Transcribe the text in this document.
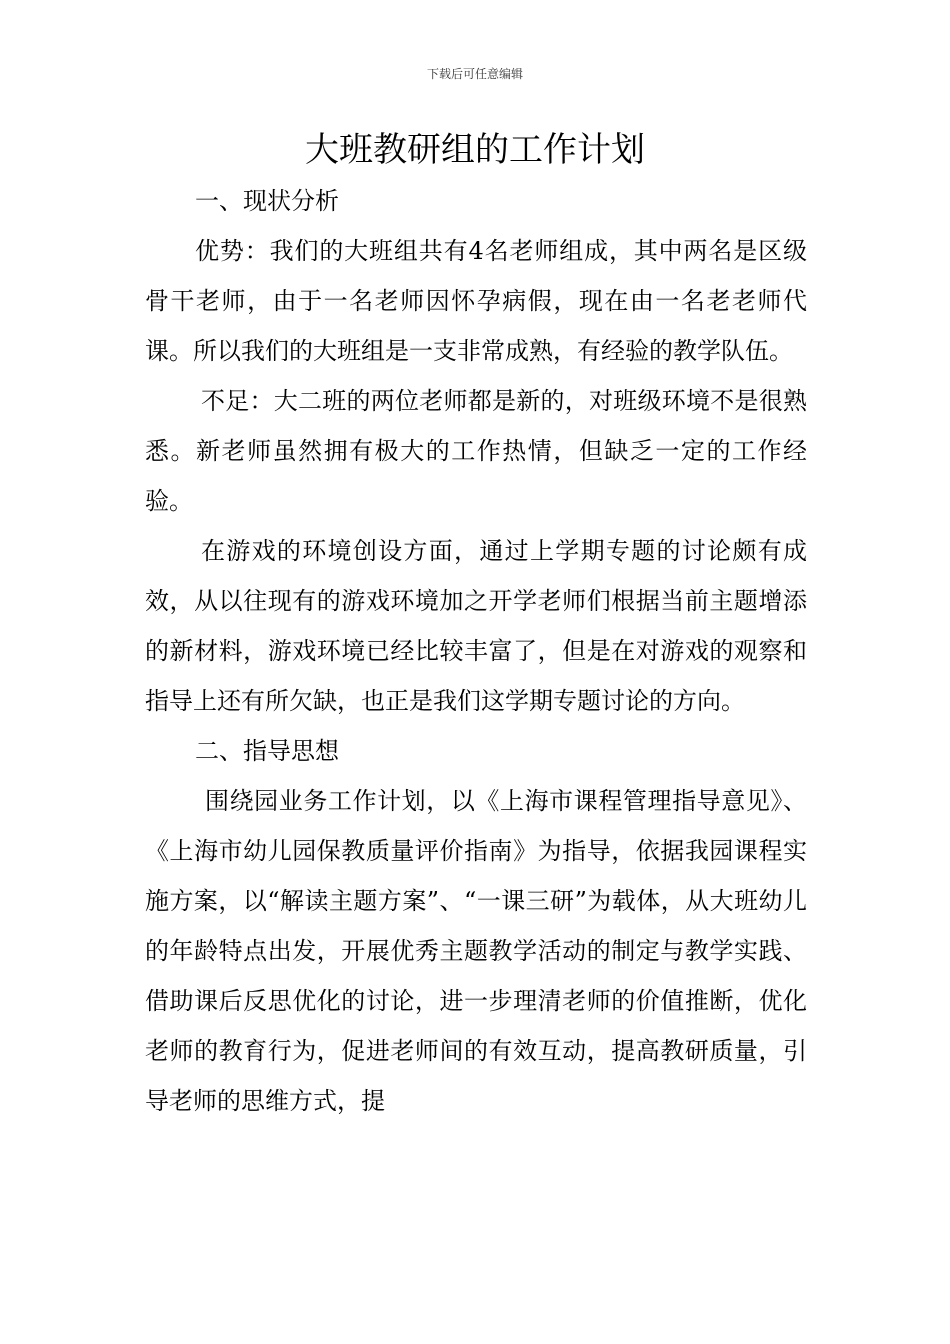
下载后可任意编辑
大班教研组的工作计划

一、现状分析

优势：我们的大班组共有4名老师组成，其中两名是区级骨干老师，由于一名老师因怀孕病假，现在由一名老老师代课。所以我们的大班组是一支非常成熟，有经验的教学队伍。

不足：大二班的两位老师都是新的，对班级环境不是很熟悉。新老师虽然拥有极大的工作热情，但缺乏一定的工作经验。

在游戏的环境创设方面，通过上学期专题的讨论颇有成效，从以往现有的游戏环境加之开学老师们根据当前主题增添的新材料，游戏环境已经比较丰富了，但是在对游戏的观察和指导上还有所欠缺，也正是我们这学期专题讨论的方向。

二、指导思想

围绕园业务工作计划，以《上海市课程管理指导意见》、《上海市幼儿园保教质量评价指南》为指导，依据我园课程实施方案，以“解读主题方案”、“一课三研”为载体，从大班幼儿的年龄特点出发，开展优秀主题教学活动的制定与教学实践、借助课后反思优化的讨论，进一步理清老师的价值推断，优化老师的教育行为，促进老师间的有效互动，提高教研质量，引导老师的思维方式，提
